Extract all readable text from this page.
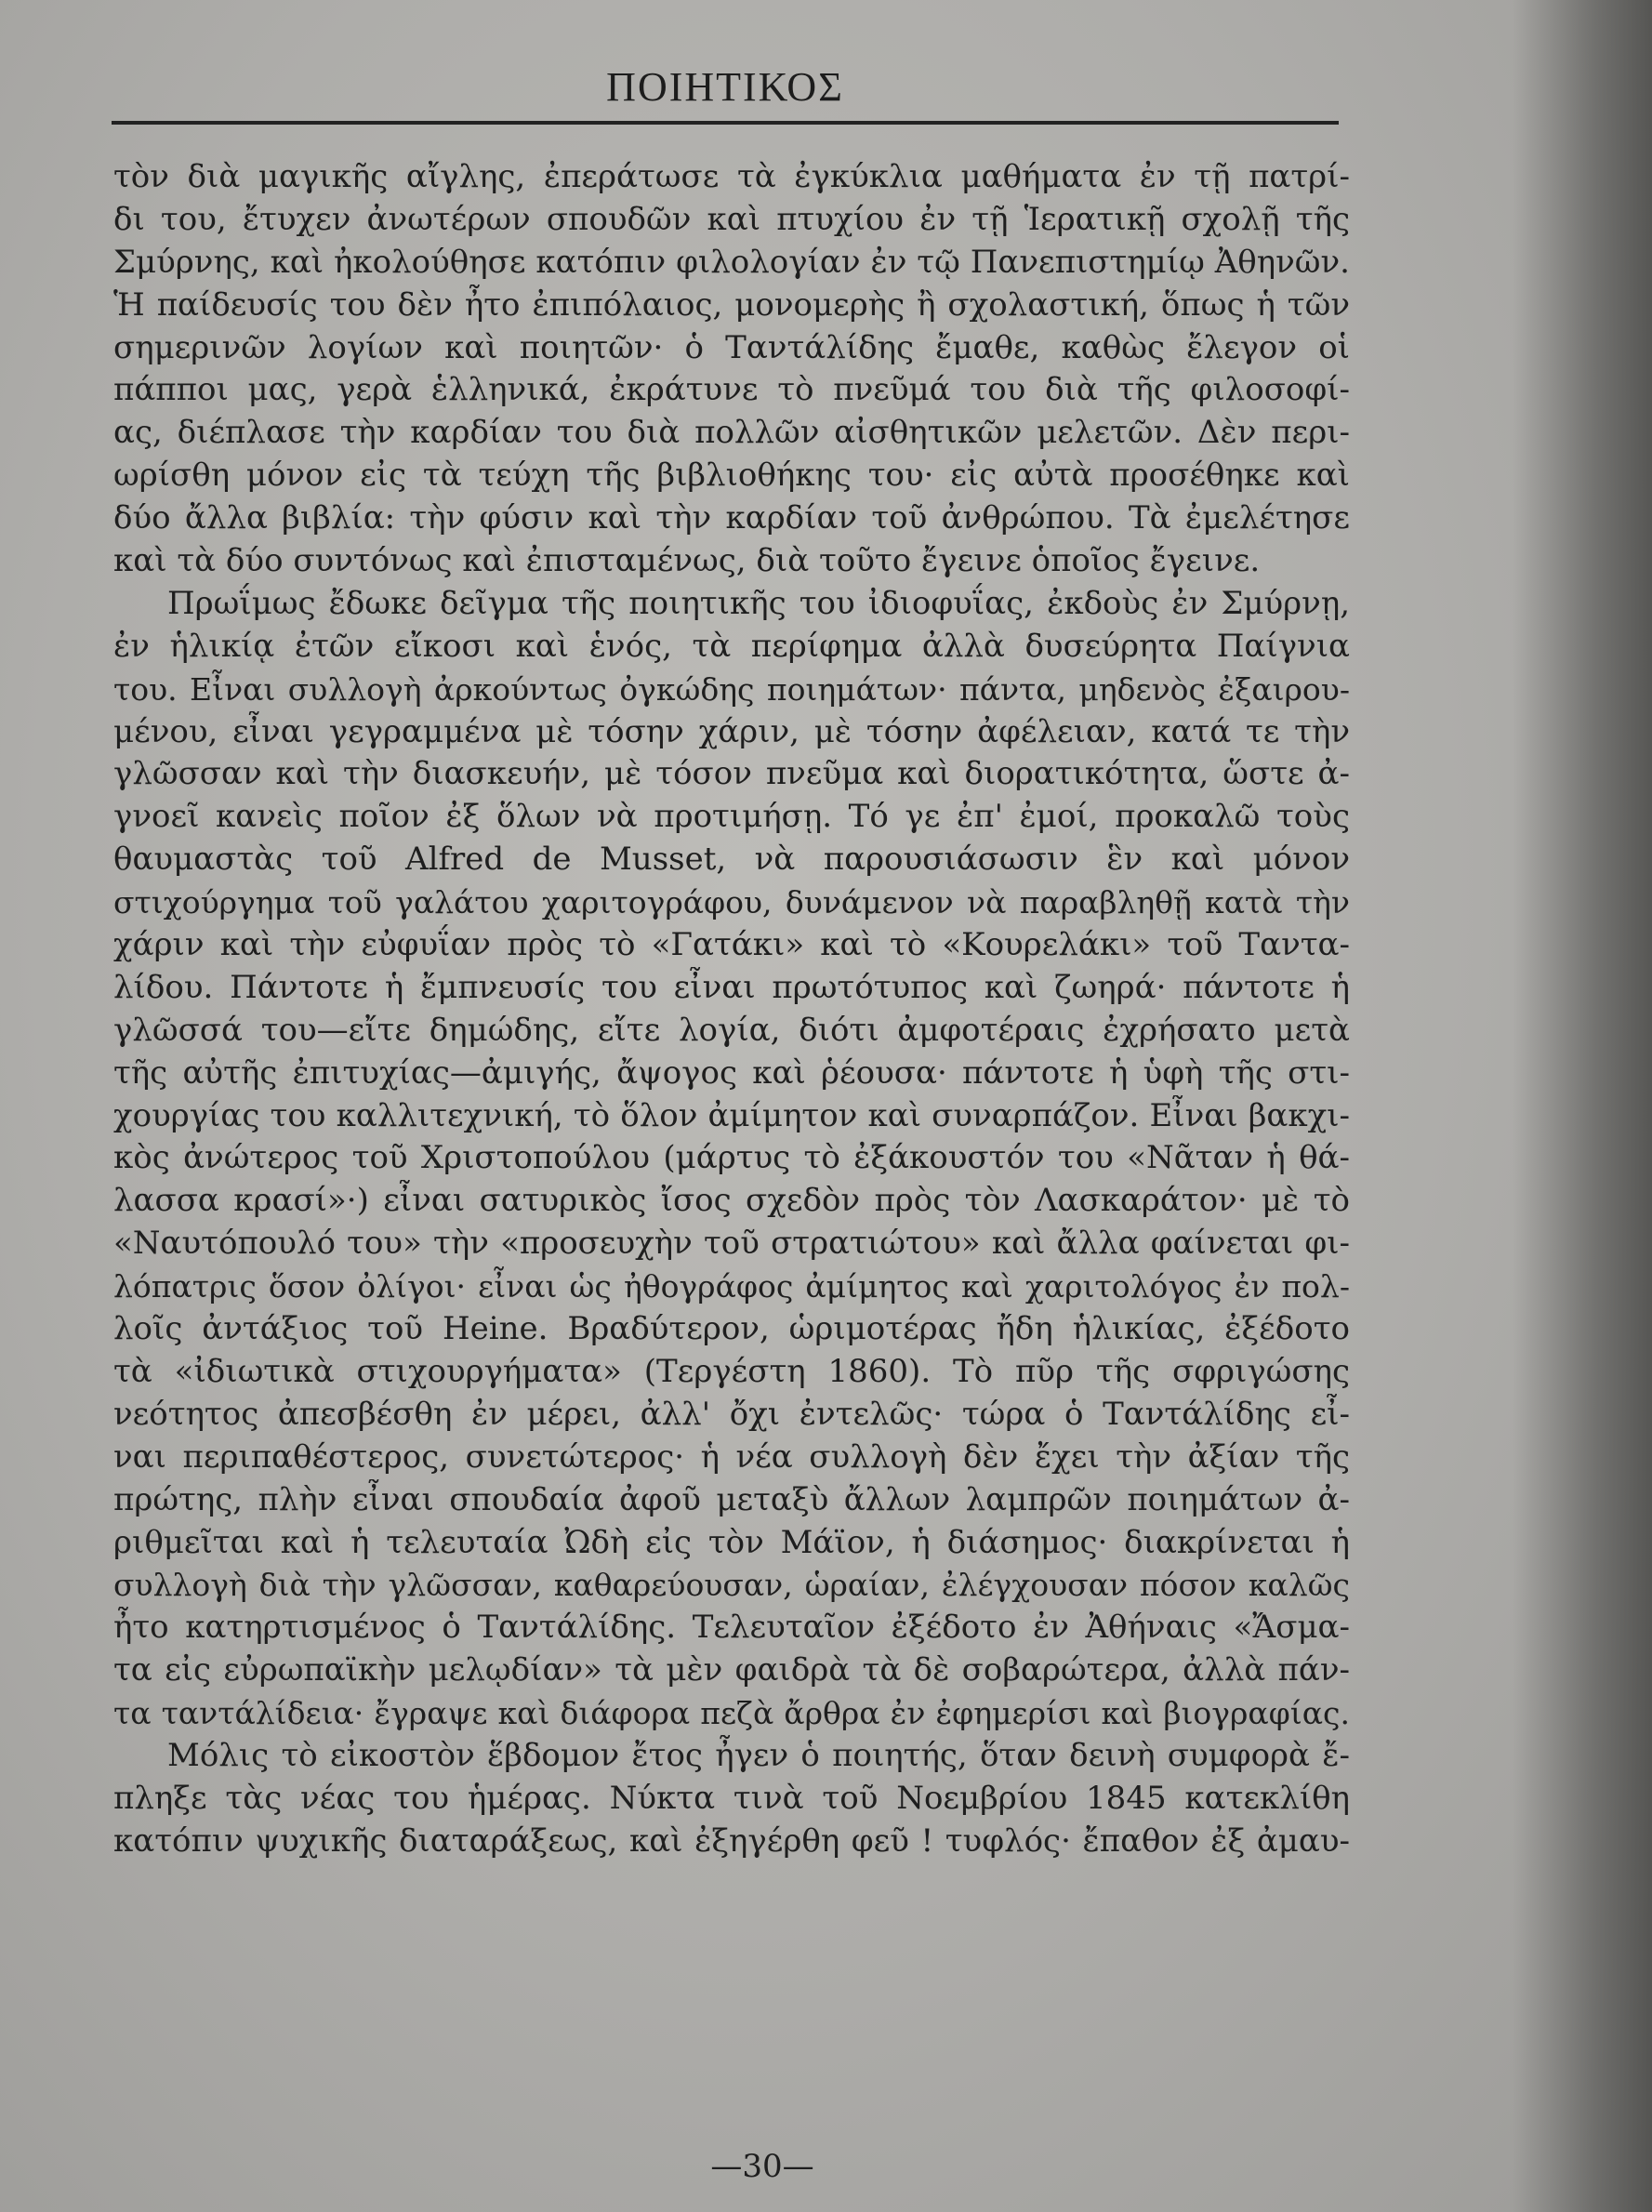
ΠΟΙΗΤΙΚΟΣ
τὸν διὰ μαγικῆς αἴγλης, ἐπεράτωσε τὰ ἐγκύκλια μαθήματα ἐν τῇ πατρί-
δι του, ἔτυχεν ἀνωτέρων σπουδῶν καὶ πτυχίου ἐν τῇ Ἱερατικῇ σχολῇ τῆς
Σμύρνης, καὶ ἠκολούθησε κατόπιν φιλολογίαν ἐν τῷ Πανεπιστημίῳ Ἀθηνῶν.
Ἡ παίδευσίς του δὲν ἦτο ἐπιπόλαιος, μονομερὴς ἢ σχολαστική, ὅπως ἡ τῶν
σημερινῶν λογίων καὶ ποιητῶν· ὁ Ταντάλίδης ἔμαθε, καθὼς ἔλεγον οἱ
πάπποι μας, γερὰ ἑλληνικά, ἐκράτυνε τὸ πνεῦμά του διὰ τῆς φιλοσοφί-
ας, διέπλασε τὴν καρδίαν του διὰ πολλῶν αἰσθητικῶν μελετῶν. Δὲν περι-
ωρίσθη μόνον εἰς τὰ τεύχη τῆς βιβλιοθήκης του· εἰς αὐτὰ προσέθηκε καὶ
δύο ἄλλα βιβλία: τὴν φύσιν καὶ τὴν καρδίαν τοῦ ἀνθρώπου. Τὰ ἐμελέτησε
καὶ τὰ δύο συντόνως καὶ ἐπισταμένως, διὰ τοῦτο ἔγεινε ὁποῖος ἔγεινε.
Πρωΐμως ἔδωκε δεῖγμα τῆς ποιητικῆς του ἰδιοφυΐας, ἐκδοὺς ἐν Σμύρνῃ,
ἐν ἡλικίᾳ ἐτῶν εἴκοσι καὶ ἑνός, τὰ περίφημα ἀλλὰ δυσεύρητα Παίγνια
του. Εἶναι συλλογὴ ἀρκούντως ὀγκώδης ποιημάτων· πάντα, μηδενὸς ἐξαιρου-
μένου, εἶναι γεγραμμένα μὲ τόσην χάριν, μὲ τόσην ἀφέλειαν, κατά τε τὴν
γλῶσσαν καὶ τὴν διασκευήν, μὲ τόσον πνεῦμα καὶ διορατικότητα, ὥστε ἀ-
γνοεῖ κανεὶς ποῖον ἐξ ὅλων νὰ προτιμήσῃ. Τό γε ἐπ' ἐμοί, προκαλῶ τοὺς
θαυμαστὰς τοῦ Alfred de Musset, νὰ παρουσιάσωσιν ἓν καὶ μόνον
στιχούργημα τοῦ γαλάτου χαριτογράφου, δυνάμενον νὰ παραβληθῇ κατὰ τὴν
χάριν καὶ τὴν εὐφυΐαν πρὸς τὸ «Γατάκι» καὶ τὸ «Κουρελάκι» τοῦ Ταντα-
λίδου. Πάντοτε ἡ ἔμπνευσίς του εἶναι πρωτότυπος καὶ ζωηρά· πάντοτε ἡ
γλῶσσά του—εἴτε δημώδης, εἴτε λογία, διότι ἀμφοτέραις ἐχρήσατο μετὰ
τῆς αὐτῆς ἐπιτυχίας—ἀμιγής, ἄψογος καὶ ῥέουσα· πάντοτε ἡ ὑφὴ τῆς στι-
χουργίας του καλλιτεχνική, τὸ ὅλον ἀμίμητον καὶ συναρπάζον. Εἶναι βακχι-
κὸς ἀνώτερος τοῦ Χριστοπούλου (μάρτυς τὸ ἐξάκουστόν του «Νᾶταν ἡ θά-
λασσα κρασί»·) εἶναι σατυρικὸς ἴσος σχεδὸν πρὸς τὸν Λασκαράτον· μὲ τὸ
«Ναυτόπουλό του» τὴν «προσευχὴν τοῦ στρατιώτου» καὶ ἄλλα φαίνεται φι-
λόπατρις ὅσον ὀλίγοι· εἶναι ὡς ἠθογράφος ἀμίμητος καὶ χαριτολόγος ἐν πολ-
λοῖς ἀντάξιος τοῦ Heine. Βραδύτερον, ὡριμοτέρας ἤδη ἡλικίας, ἐξέδοτο
τὰ «ἰδιωτικὰ στιχουργήματα» (Τεργέστη 1860). Τὸ πῦρ τῆς σφριγώσης
νεότητος ἀπεσβέσθη ἐν μέρει, ἀλλ' ὄχι ἐντελῶς· τώρα ὁ Ταντάλίδης εἶ-
ναι περιπαθέστερος, συνετώτερος· ἡ νέα συλλογὴ δὲν ἔχει τὴν ἀξίαν τῆς
πρώτης, πλὴν εἶναι σπουδαία ἀφοῦ μεταξὺ ἄλλων λαμπρῶν ποιημάτων ἀ-
ριθμεῖται καὶ ἡ τελευταία Ὠδὴ εἰς τὸν Μάϊον, ἡ διάσημος· διακρίνεται ἡ
συλλογὴ διὰ τὴν γλῶσσαν, καθαρεύουσαν, ὡραίαν, ἐλέγχουσαν πόσον καλῶς
ἦτο κατηρτισμένος ὁ Ταντάλίδης. Τελευταῖον ἐξέδοτο ἐν Ἀθήναις «Ἄσμα-
τα εἰς εὐρωπαϊκὴν μελῳδίαν» τὰ μὲν φαιδρὰ τὰ δὲ σοβαρώτερα, ἀλλὰ πάν-
τα ταντάλίδεια· ἔγραψε καὶ διάφορα πεζὰ ἄρθρα ἐν ἐφημερίσι καὶ βιογραφίας.
Μόλις τὸ εἰκοστὸν ἕβδομον ἔτος ἦγεν ὁ ποιητής, ὅταν δεινὴ συμφορὰ ἔ-
πληξε τὰς νέας του ἡμέρας. Νύκτα τινὰ τοῦ Νοεμβρίου 1845 κατεκλίθη
κατόπιν ψυχικῆς διαταράξεως, καὶ ἐξηγέρθη φεῦ ! τυφλός· ἔπαθον ἐξ ἀμαυ-
—30—
